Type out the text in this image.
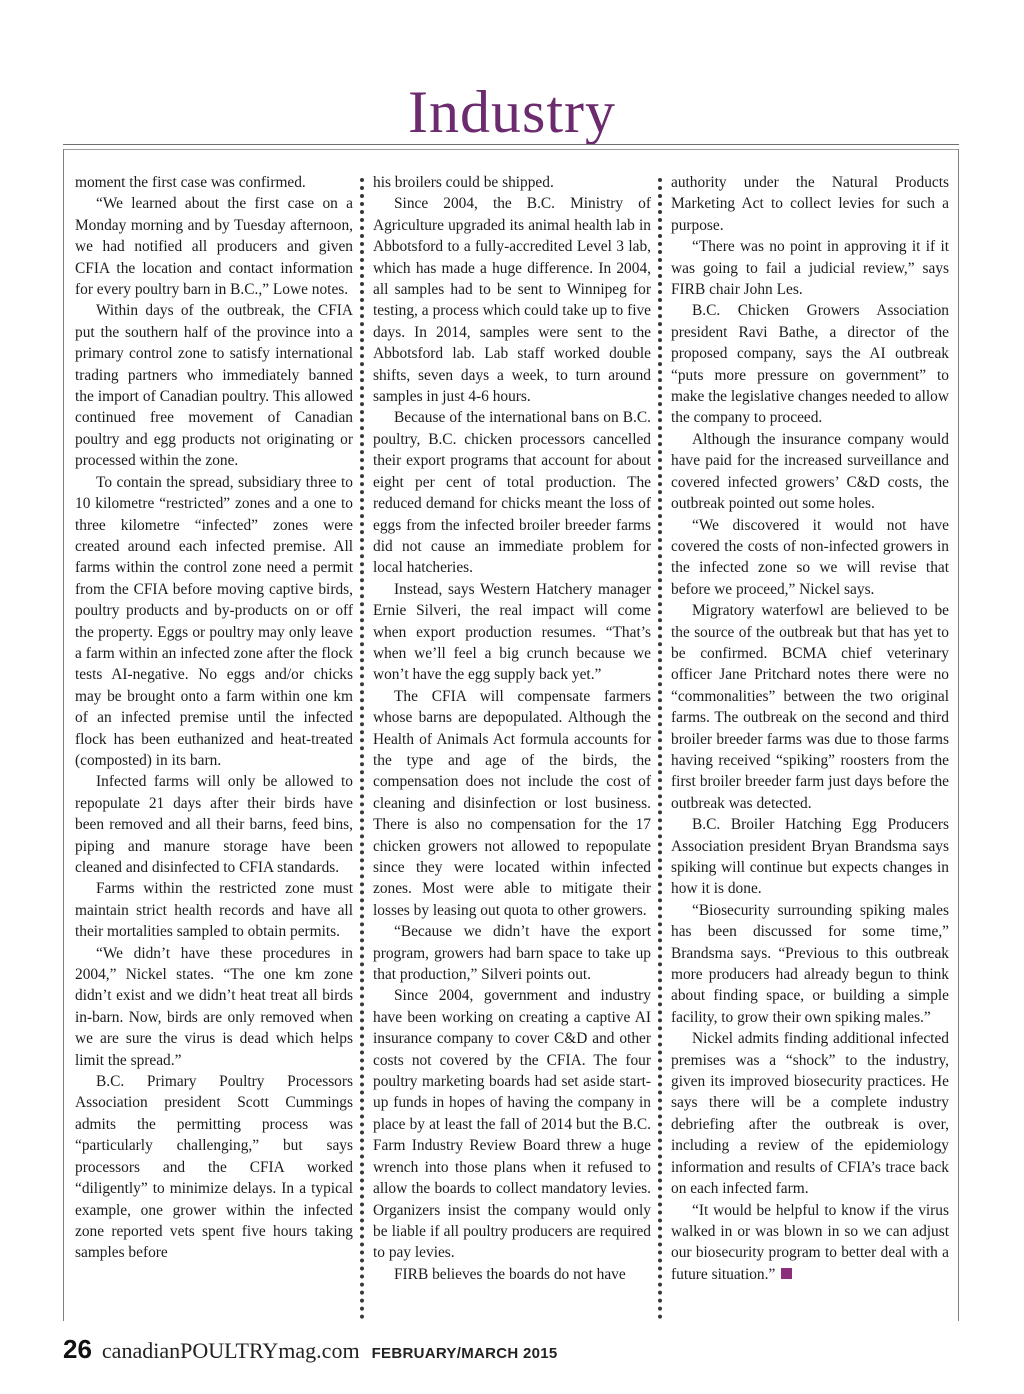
Industry

moment the first case was confirmed.

“We learned about the first case on a Monday morning and by Tuesday afternoon, we had notified all producers and given CFIA the location and contact information for every poultry barn in B.C.,” Lowe notes.

Within days of the outbreak, the CFIA put the southern half of the province into a primary control zone to satisfy international trading partners who immediately banned the import of Canadian poultry. This allowed continued free movement of Canadian poultry and egg products not originating or processed within the zone.

To contain the spread, subsidiary three to 10 kilometre “restricted” zones and a one to three kilometre “infected” zones were created around each infected premise. All farms within the control zone need a permit from the CFIA before moving captive birds, poultry products and by-products on or off the property. Eggs or poultry may only leave a farm within an infected zone after the flock tests AI-negative. No eggs and/or chicks may be brought onto a farm within one km of an infected premise until the infected flock has been euthanized and heat-treated (composted) in its barn.

Infected farms will only be allowed to repopulate 21 days after their birds have been removed and all their barns, feed bins, piping and manure storage have been cleaned and disinfected to CFIA standards.

Farms within the restricted zone must maintain strict health records and have all their mortalities sampled to obtain permits.

“We didn’t have these procedures in 2004,” Nickel states. “The one km zone didn’t exist and we didn’t heat treat all birds in-barn. Now, birds are only removed when we are sure the virus is dead which helps limit the spread.”

B.C. Primary Poultry Processors Association president Scott Cummings admits the permitting process was “particularly challenging,” but says processors and the CFIA worked “diligently” to minimize delays. In a typical example, one grower within the infected zone reported vets spent five hours taking samples before

his broilers could be shipped.

Since 2004, the B.C. Ministry of Agriculture upgraded its animal health lab in Abbotsford to a fully-accredited Level 3 lab, which has made a huge difference. In 2004, all samples had to be sent to Winnipeg for testing, a process which could take up to five days. In 2014, samples were sent to the Abbotsford lab. Lab staff worked double shifts, seven days a week, to turn around samples in just 4-6 hours.

Because of the international bans on B.C. poultry, B.C. chicken processors cancelled their export programs that account for about eight per cent of total production. The reduced demand for chicks meant the loss of eggs from the infected broiler breeder farms did not cause an immediate problem for local hatcheries.

Instead, says Western Hatchery manager Ernie Silveri, the real impact will come when export production resumes. “That’s when we’ll feel a big crunch because we won’t have the egg supply back yet.”

The CFIA will compensate farmers whose barns are depopulated. Although the Health of Animals Act formula accounts for the type and age of the birds, the compensation does not include the cost of cleaning and disinfection or lost business. There is also no compensation for the 17 chicken growers not allowed to repopulate since they were located within infected zones. Most were able to mitigate their losses by leasing out quota to other growers.

“Because we didn’t have the export program, growers had barn space to take up that production,” Silveri points out.

Since 2004, government and industry have been working on creating a captive AI insurance company to cover C&D and other costs not covered by the CFIA. The four poultry marketing boards had set aside start-up funds in hopes of having the company in place by at least the fall of 2014 but the B.C. Farm Industry Review Board threw a huge wrench into those plans when it refused to allow the boards to collect mandatory levies. Organizers insist the company would only be liable if all poultry producers are required to pay levies.

FIRB believes the boards do not have

authority under the Natural Products Marketing Act to collect levies for such a purpose.

“There was no point in approving it if it was going to fail a judicial review,” says FIRB chair John Les.

B.C. Chicken Growers Association president Ravi Bathe, a director of the proposed company, says the AI outbreak “puts more pressure on government” to make the legislative changes needed to allow the company to proceed.

Although the insurance company would have paid for the increased surveillance and covered infected growers’ C&D costs, the outbreak pointed out some holes.

“We discovered it would not have covered the costs of non-infected growers in the infected zone so we will revise that before we proceed,” Nickel says.

Migratory waterfowl are believed to be the source of the outbreak but that has yet to be confirmed. BCMA chief veterinary officer Jane Pritchard notes there were no “commonalities” between the two original farms. The outbreak on the second and third broiler breeder farms was due to those farms having received “spiking” roosters from the first broiler breeder farm just days before the outbreak was detected.

B.C. Broiler Hatching Egg Producers Association president Bryan Brandsma says spiking will continue but expects changes in how it is done.

“Biosecurity surrounding spiking males has been discussed for some time,” Brandsma says. “Previous to this outbreak more producers had already begun to think about finding space, or building a simple facility, to grow their own spiking males.”

Nickel admits finding additional infected premises was a “shock” to the industry, given its improved biosecurity practices. He says there will be a complete industry debriefing after the outbreak is over, including a review of the epidemiology information and results of CFIA’s trace back on each infected farm.

“It would be helpful to know if the virus walked in or was blown in so we can adjust our biosecurity program to better deal with a future situation.”

26 canadianPOULTRYmag.com FEBRUARY/MARCH 2015
